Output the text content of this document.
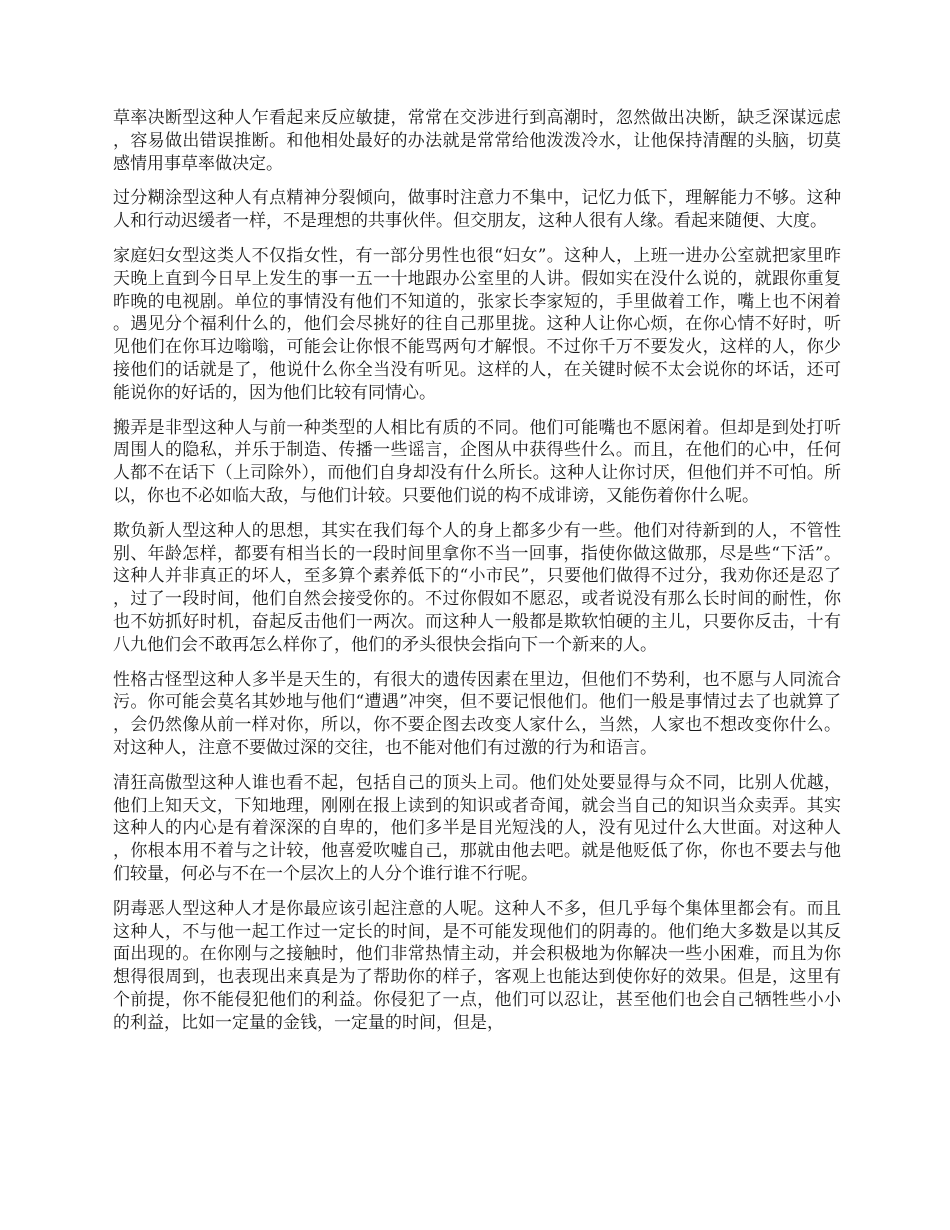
草率决断型这种人乍看起来反应敏捷，常常在交涉进行到高潮时，忽然做出决断，缺乏深谋远虑，容易做出错误推断。和他相处最好的办法就是常常给他泼泼冷水，让他保持清醒的头脑，切莫感情用事草率做决定。

过分糊涂型这种人有点精神分裂倾向，做事时注意力不集中，记忆力低下，理解能力不够。这种人和行动迟缓者一样，不是理想的共事伙伴。但交朋友，这种人很有人缘。看起来随便、大度。

家庭妇女型这类人不仅指女性，有一部分男性也很“妇女”。这种人，上班一进办公室就把家里昨天晚上直到今日早上发生的事一五一十地跟办公室里的人讲。假如实在没什么说的，就跟你重复昨晚的电视剧。单位的事情没有他们不知道的，张家长李家短的，手里做着工作，嘴上也不闲着。遇见分个福利什么的，他们会尽挑好的往自己那里拢。这种人让你心烦，在你心情不好时，听见他们在你耳边嗡嗡，可能会让你恨不能骂两句才解恨。不过你千万不要发火，这样的人，你少接他们的话就是了，他说什么你全当没有听见。这样的人，在关键时候不太会说你的坏话，还可能说你的好话的，因为他们比较有同情心。

搬弄是非型这种人与前一种类型的人相比有质的不同。他们可能嘴也不愿闲着。但却是到处打听周围人的隐私，并乐于制造、传播一些谣言，企图从中获得些什么。而且，在他们的心中，任何人都不在话下（上司除外），而他们自身却没有什么所长。这种人让你讨厌，但他们并不可怕。所以，你也不必如临大敌，与他们计较。只要他们说的构不成诽谤，又能伤着你什么呢。

欺负新人型这种人的思想，其实在我们每个人的身上都多少有一些。他们对待新到的人，不管性别、年龄怎样，都要有相当长的一段时间里拿你不当一回事，指使你做这做那，尽是些“下活”。这种人并非真正的坏人，至多算个素养低下的“小市民”，只要他们做得不过分，我劝你还是忍了，过了一段时间，他们自然会接受你的。不过你假如不愿忍，或者说没有那么长时间的耐性，你也不妨抓好时机，奋起反击他们一两次。而这种人一般都是欺软怕硬的主儿，只要你反击，十有八九他们会不敢再怎么样你了，他们的矛头很快会指向下一个新来的人。

性格古怪型这种人多半是天生的，有很大的遗传因素在里边，但他们不势利，也不愿与人同流合污。你可能会莫名其妙地与他们“遭遇”冲突，但不要记恨他们。他们一般是事情过去了也就算了，会仍然像从前一样对你，所以，你不要企图去改变人家什么，当然，人家也不想改变你什么。对这种人，注意不要做过深的交往，也不能对他们有过激的行为和语言。

清狂高傲型这种人谁也看不起，包括自己的顶头上司。他们处处要显得与众不同，比别人优越，他们上知天文，下知地理，刚刚在报上读到的知识或者奇闻，就会当自己的知识当众卖弄。其实这种人的内心是有着深深的自卑的，他们多半是目光短浅的人，没有见过什么大世面。对这种人，你根本用不着与之计较，他喜爱吹嘘自己，那就由他去吧。就是他贬低了你，你也不要去与他们较量，何必与不在一个层次上的人分个谁行谁不行呢。

阴毒恶人型这种人才是你最应该引起注意的人呢。这种人不多，但几乎每个集体里都会有。而且这种人，不与他一起工作过一定长的时间，是不可能发现他们的阴毒的。他们绝大多数是以其反面出现的。在你刚与之接触时，他们非常热情主动，并会积极地为你解决一些小困难，而且为你想得很周到，也表现出来真是为了帮助你的样子，客观上也能达到使你好的效果。但是，这里有个前提，你不能侵犯他们的利益。你侵犯了一点，他们可以忍让，甚至他们也会自己牺牲些小小的利益，比如一定量的金钱，一定量的时间，但是，
